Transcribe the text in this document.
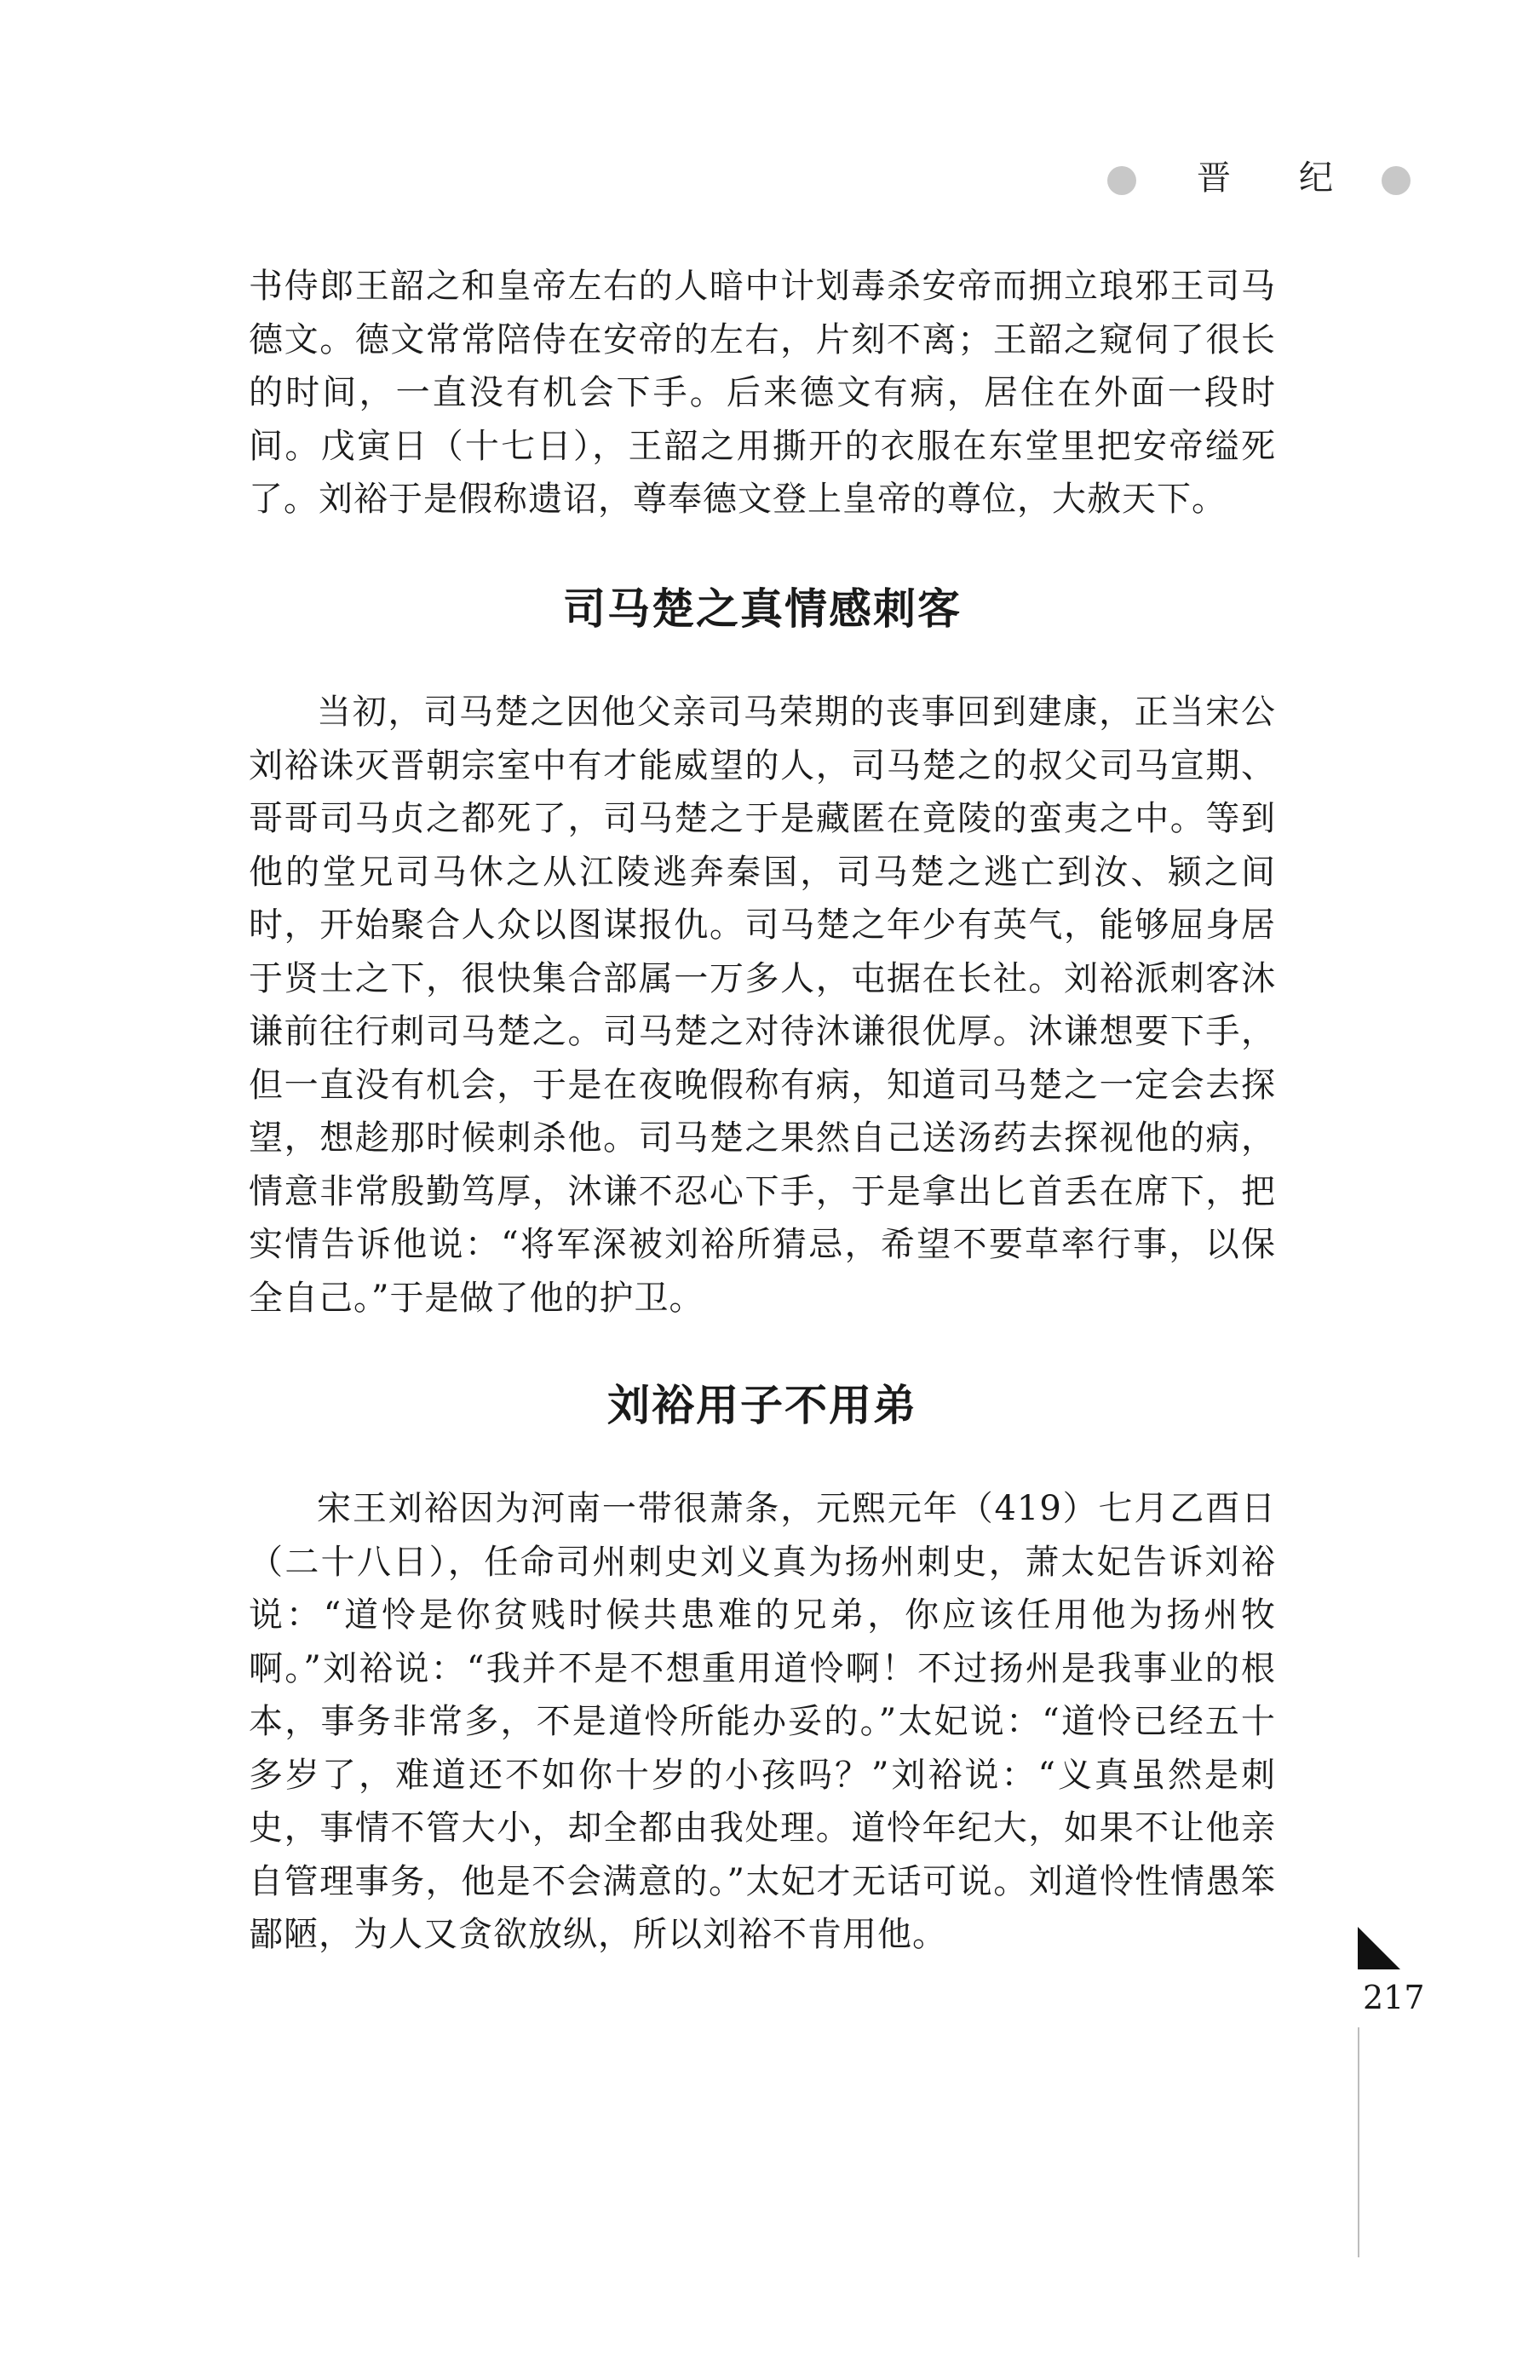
晋 纪

书侍郎王韶之和皇帝左右的人暗中计划毒杀安帝而拥立琅邪王司马德文。德文常常陪侍在安帝的左右，片刻不离；王韶之窥伺了很长的时间，一直没有机会下手。后来德文有病，居住在外面一段时间。戊寅日（十七日），王韶之用撕开的衣服在东堂里把安帝缢死了。刘裕于是假称遗诏，尊奉德文登上皇帝的尊位，大赦天下。

司马楚之真情感刺客

当初，司马楚之因他父亲司马荣期的丧事回到建康，正当宋公刘裕诛灭晋朝宗室中有才能威望的人，司马楚之的叔父司马宣期、哥哥司马贞之都死了，司马楚之于是藏匿在竟陵的蛮夷之中。等到他的堂兄司马休之从江陵逃奔秦国，司马楚之逃亡到汝、颍之间时，开始聚合人众以图谋报仇。司马楚之年少有英气，能够屈身居于贤士之下，很快集合部属一万多人，屯据在长社。刘裕派刺客沐谦前往行刺司马楚之。司马楚之对待沐谦很优厚。沐谦想要下手，但一直没有机会，于是在夜晚假称有病，知道司马楚之一定会去探望，想趁那时候刺杀他。司马楚之果然自己送汤药去探视他的病，情意非常殷勤笃厚，沐谦不忍心下手，于是拿出匕首丢在席下，把实情告诉他说：“将军深被刘裕所猜忌，希望不要草率行事，以保全自己。”于是做了他的护卫。

刘裕用子不用弟

宋王刘裕因为河南一带很萧条，元熙元年（419）七月乙酉日（二十八日），任命司州刺史刘义真为扬州刺史，萧太妃告诉刘裕说：“道怜是你贫贱时候共患难的兄弟，你应该任用他为扬州牧啊。”刘裕说：“我并不是不想重用道怜啊！不过扬州是我事业的根本，事务非常多，不是道怜所能办妥的。”太妃说：“道怜已经五十多岁了，难道还不如你十岁的小孩吗？”刘裕说：“义真虽然是刺史，事情不管大小，却全都由我处理。道怜年纪大，如果不让他亲自管理事务，他是不会满意的。”太妃才无话可说。刘道怜性情愚笨鄙陋，为人又贪欲放纵，所以刘裕不肯用他。

217
